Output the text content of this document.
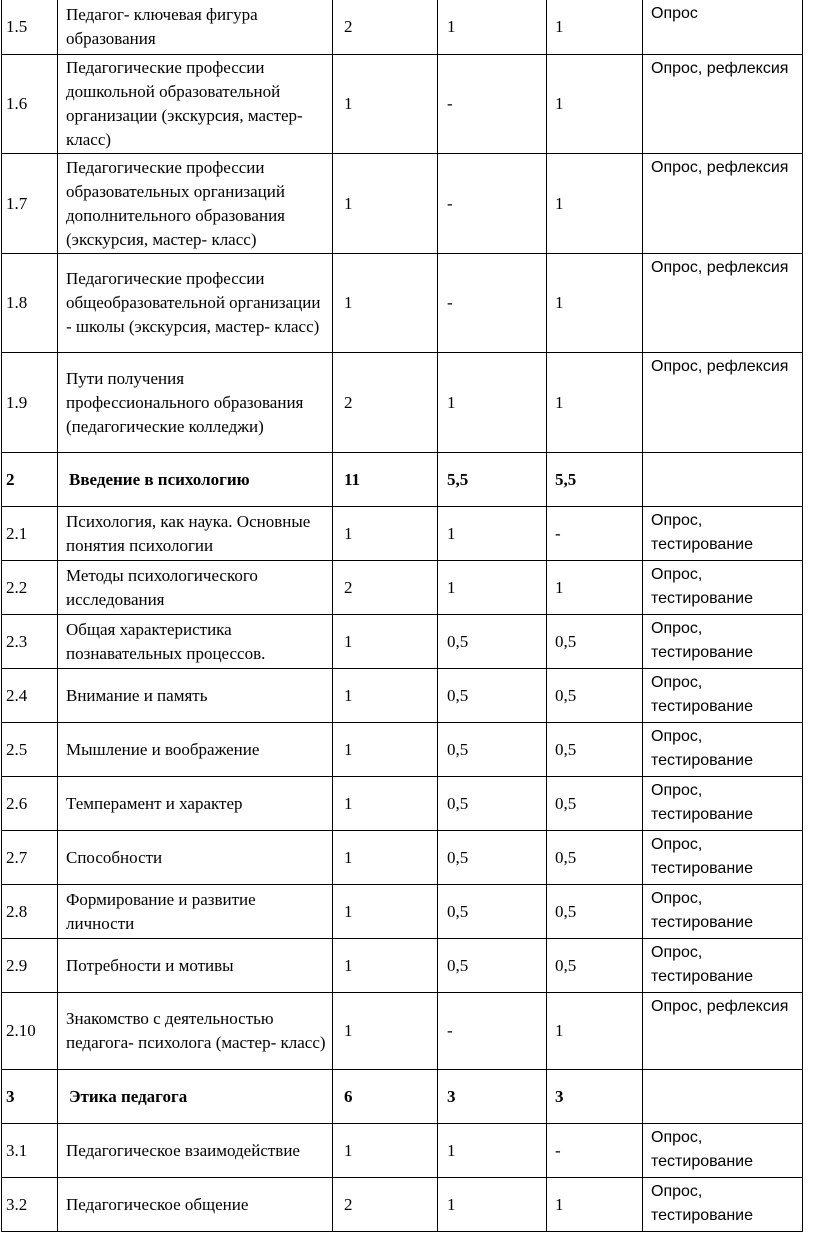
1.5	Педагог- ключевая фигура образования	2	1	1	Опрос
1.6	Педагогические профессии дошкольной образовательной организации (экскурсия, мастер- класс)	1	-	1	Опрос, рефлексия
1.7	Педагогические профессии образовательных организаций дополнительного образования (экскурсия, мастер- класс)	1	-	1	Опрос, рефлексия
1.8	Педагогические профессии общеобразовательной организации - школы (экскурсия, мастер- класс)	1	-	1	Опрос, рефлексия
1.9	Пути получения профессионального образования (педагогические колледжи)	2	1	1	Опрос, рефлексия
2	Введение в психологию	11	5,5	5,5	
2.1	Психология, как наука. Основные понятия психологии	1	1	-	Опрос, тестирование
2.2	Методы психологического исследования	2	1	1	Опрос, тестирование
2.3	Общая характеристика познавательных процессов.	1	0,5	0,5	Опрос, тестирование
2.4	Внимание и память	1	0,5	0,5	Опрос, тестирование
2.5	Мышление и воображение	1	0,5	0,5	Опрос, тестирование
2.6	Темперамент и характер	1	0,5	0,5	Опрос, тестирование
2.7	Способности	1	0,5	0,5	Опрос, тестирование
2.8	Формирование и развитие личности	1	0,5	0,5	Опрос, тестирование
2.9	Потребности и мотивы	1	0,5	0,5	Опрос, тестирование
2.10	Знакомство с деятельностью педагога- психолога (мастер- класс)	1	-	1	Опрос, рефлексия
3	Этика педагога	6	3	3	
3.1	Педагогическое взаимодействие	1	1	-	Опрос, тестирование
3.2	Педагогическое общение	2	1	1	Опрос, тестирование
